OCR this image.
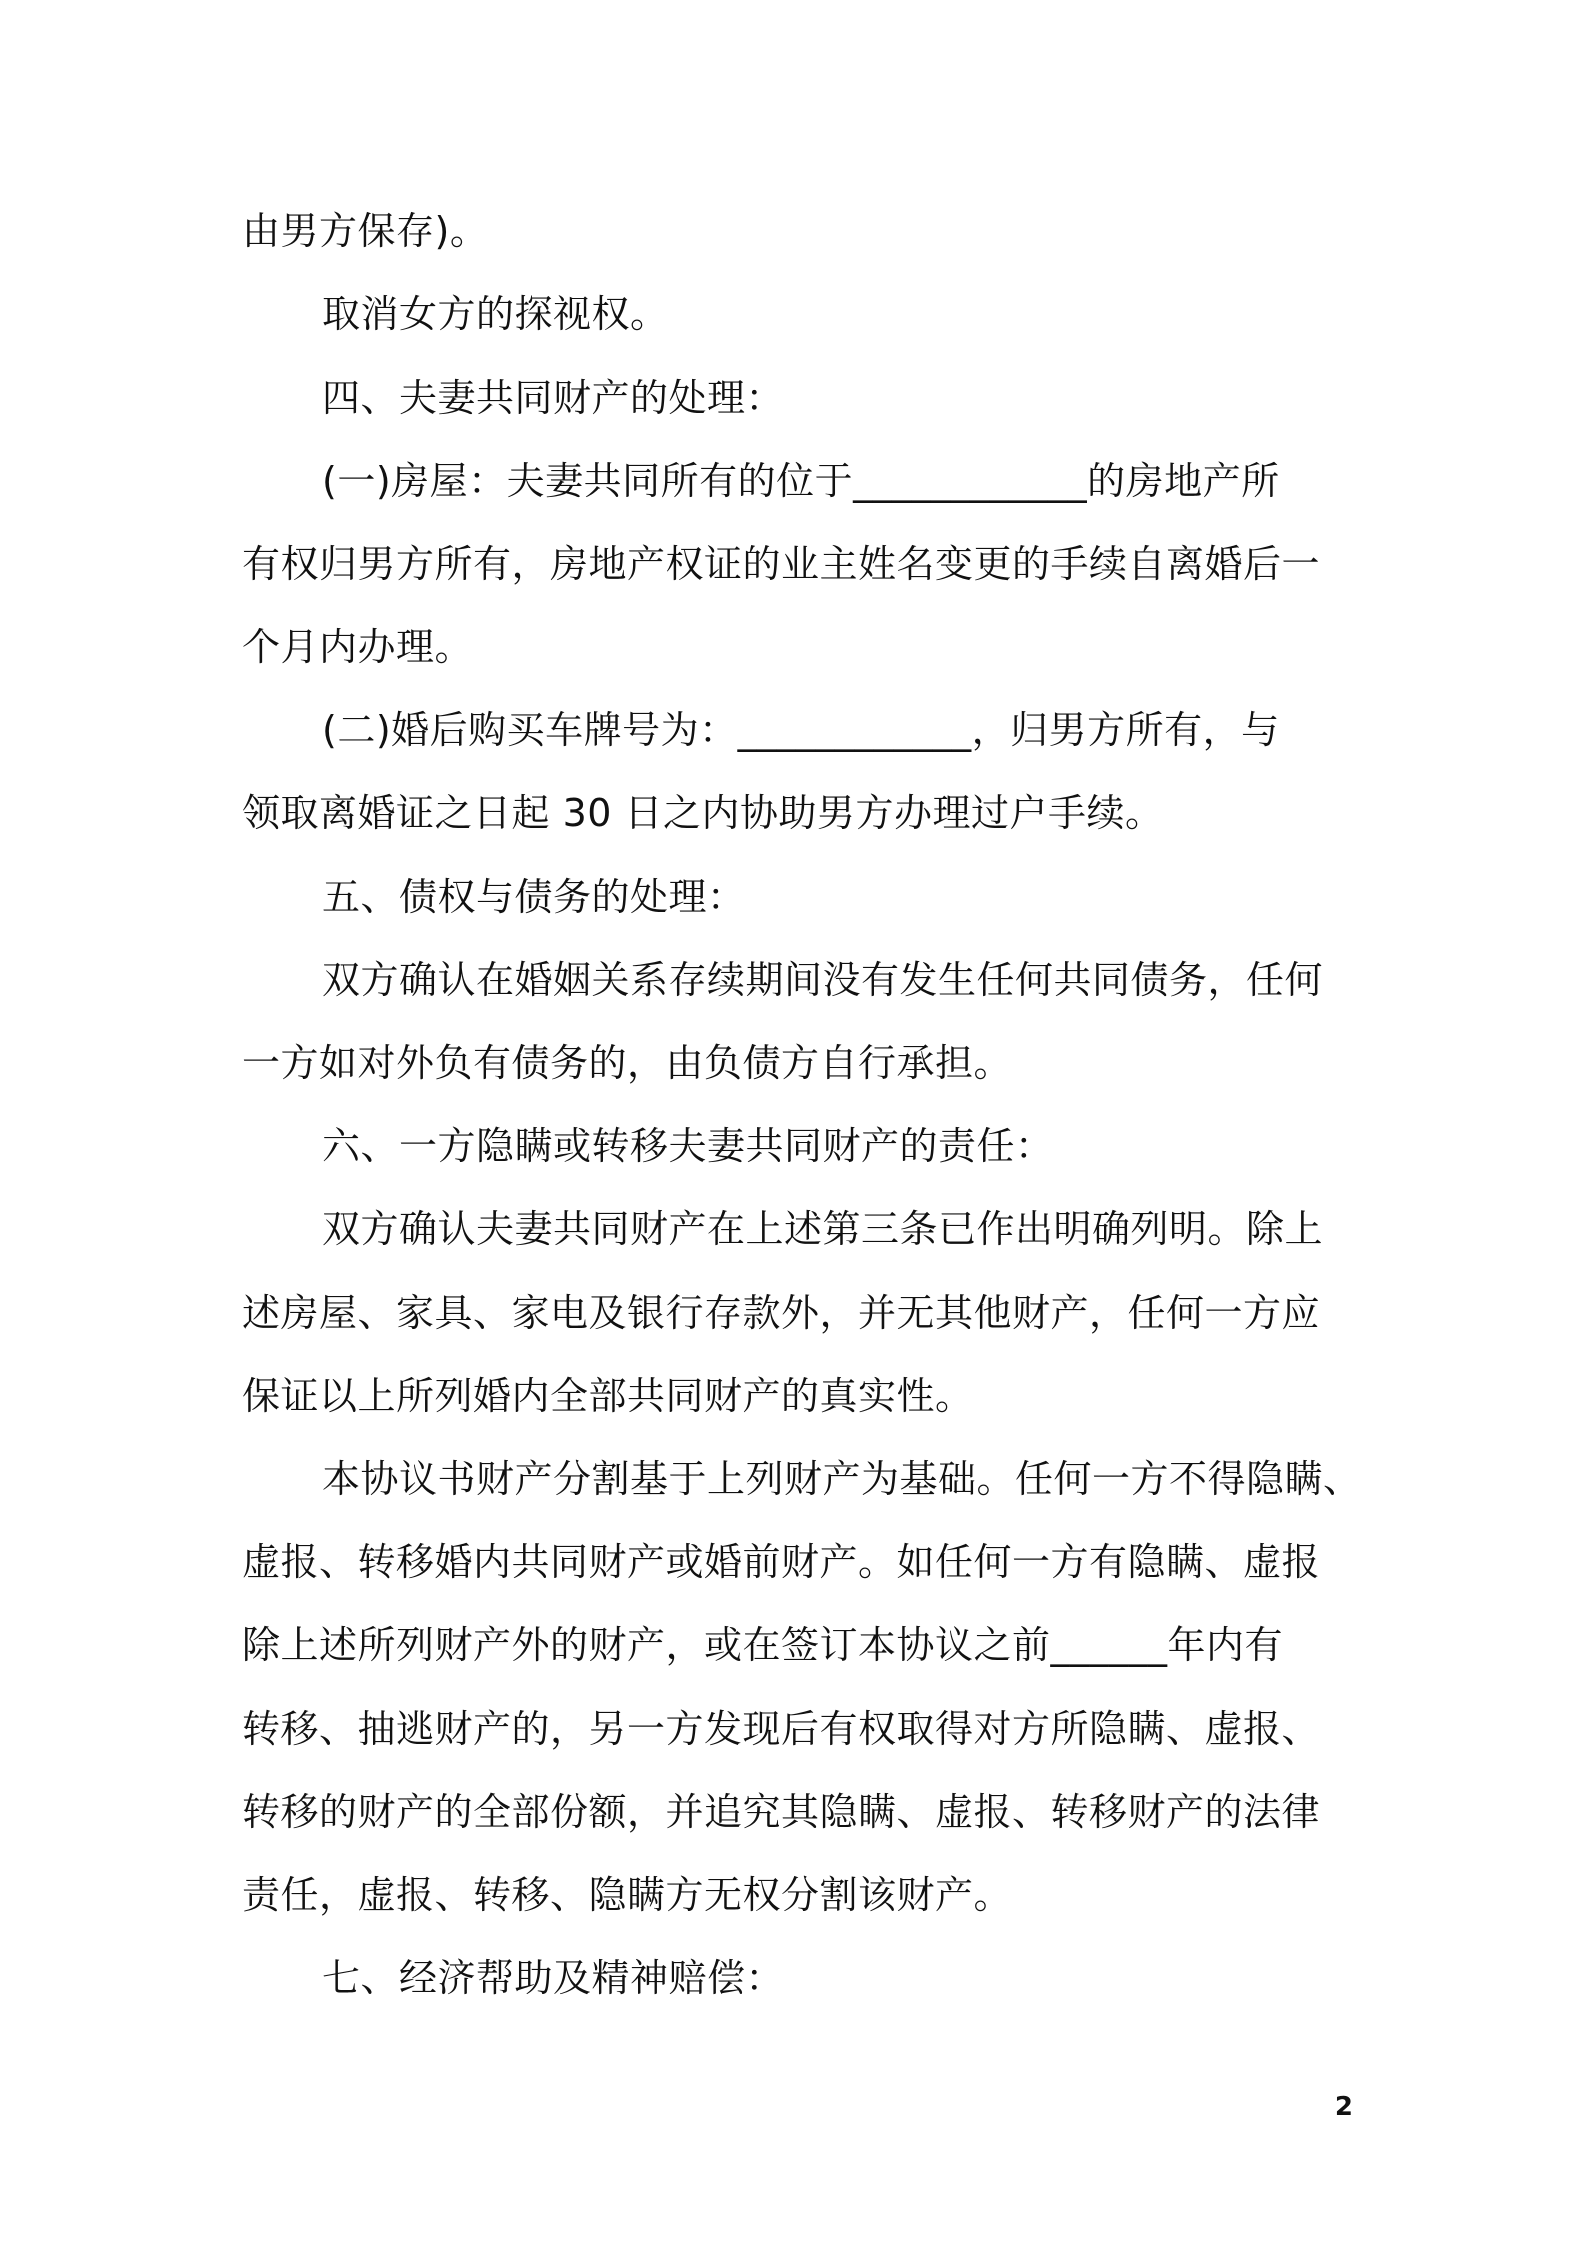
由男方保存)。
取消女方的探视权。
四、夫妻共同财产的处理：
(一)房屋：夫妻共同所有的位于____________的房地产所
有权归男方所有，房地产权证的业主姓名变更的手续自离婚后一
个月内办理。
(二)婚后购买车牌号为：____________，归男方所有，与
领取离婚证之日起 30 日之内协助男方办理过户手续。
五、债权与债务的处理：
双方确认在婚姻关系存续期间没有发生任何共同债务，任何
一方如对外负有债务的，由负债方自行承担。
六、一方隐瞒或转移夫妻共同财产的责任：
双方确认夫妻共同财产在上述第三条已作出明确列明。除上
述房屋、家具、家电及银行存款外，并无其他财产，任何一方应
保证以上所列婚内全部共同财产的真实性。
本协议书财产分割基于上列财产为基础。任何一方不得隐瞒、
虚报、转移婚内共同财产或婚前财产。如任何一方有隐瞒、虚报
除上述所列财产外的财产，或在签订本协议之前______年内有
转移、抽逃财产的，另一方发现后有权取得对方所隐瞒、虚报、
转移的财产的全部份额，并追究其隐瞒、虚报、转移财产的法律
责任，虚报、转移、隐瞒方无权分割该财产。
七、经济帮助及精神赔偿：
2
